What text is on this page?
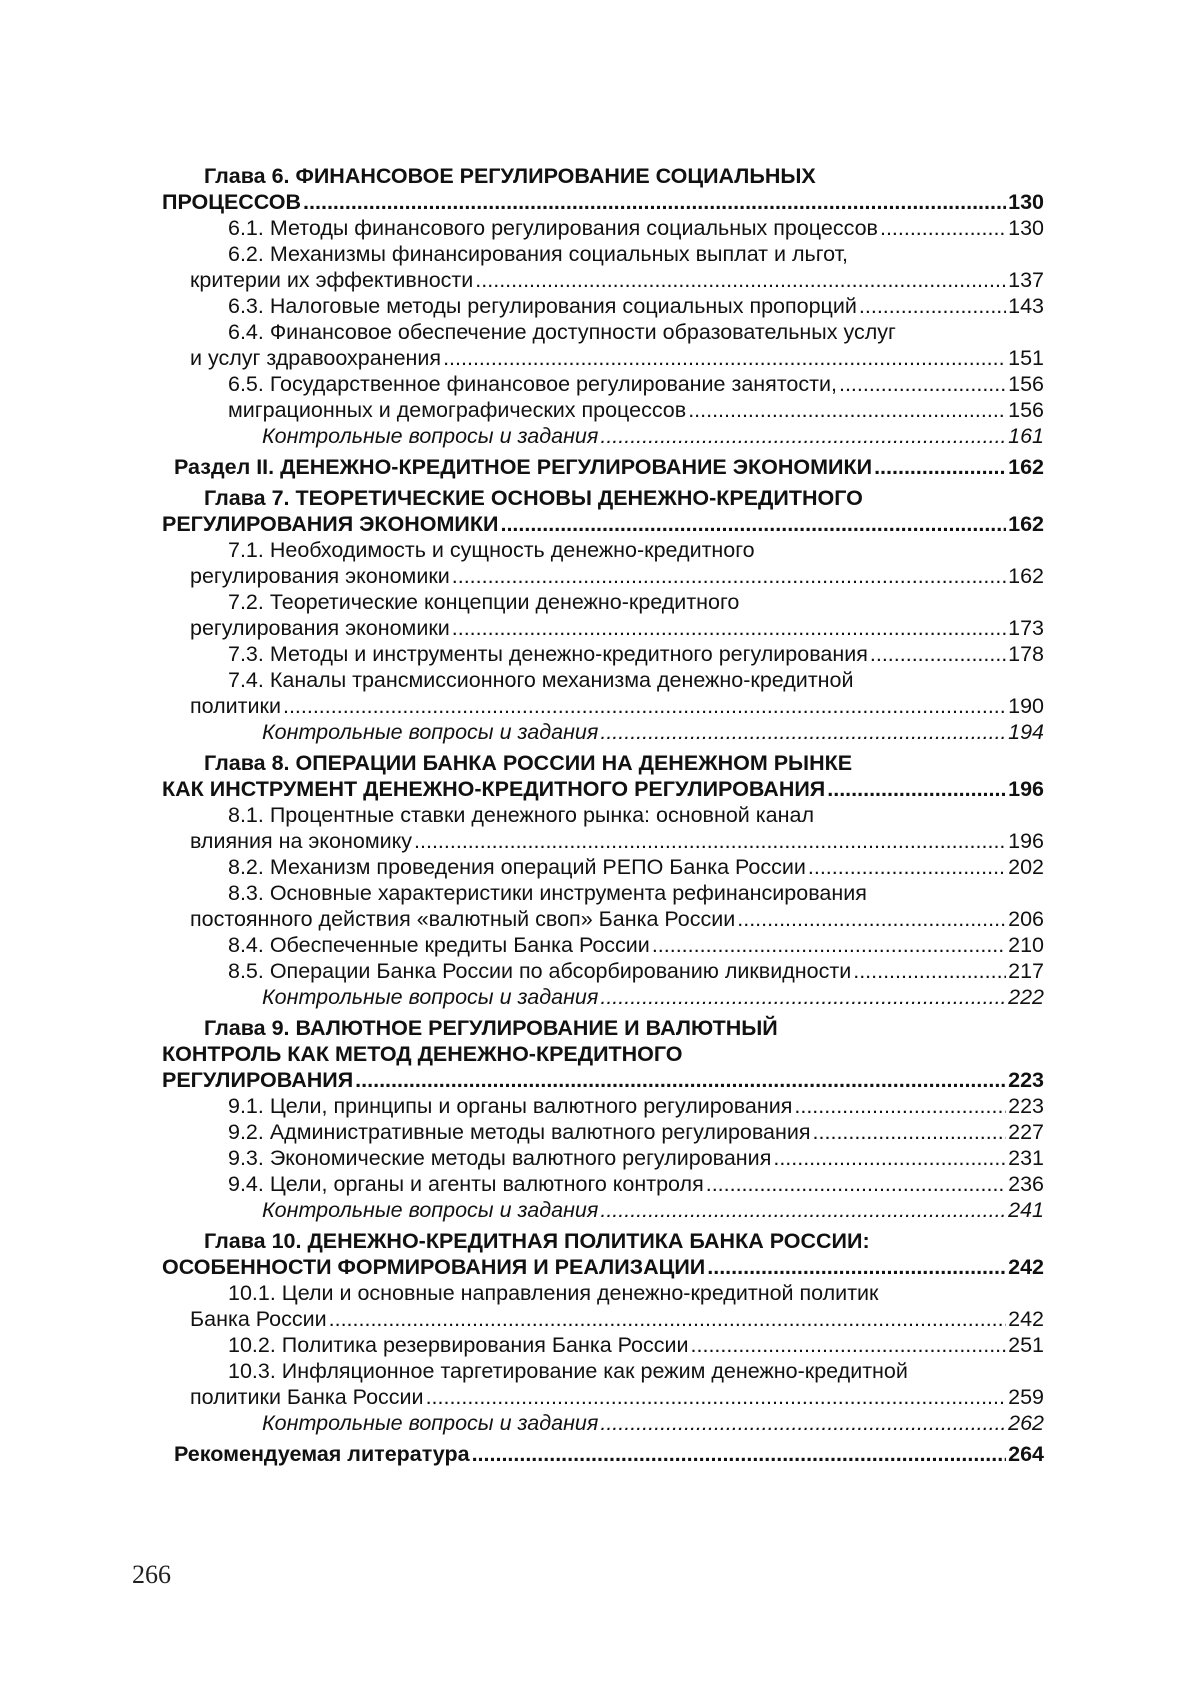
Глава 6. ФИНАНСОВОЕ РЕГУЛИРОВАНИЕ СОЦИАЛЬНЫХ
ПРОЦЕССОВ .....	130
6.1. Методы финансового регулирования социальных процессов .....	130
6.2. Механизмы финансирования социальных выплат и льгот,
критерии их эффективности .....	137
6.3. Налоговые методы регулирования социальных пропорций .....	143
6.4. Финансовое обеспечение доступности образовательных услуг
и услуг здравоохранения .....	151
6.5. Государственное финансовое регулирование занятости, .....	156
миграционных и демографических процессов .....	156
Контрольные вопросы и задания .....	161
Раздел II. ДЕНЕЖНО-КРЕДИТНОЕ РЕГУЛИРОВАНИЕ ЭКОНОМИКИ .....	162
Глава 7. ТЕОРЕТИЧЕСКИЕ ОСНОВЫ ДЕНЕЖНО-КРЕДИТНОГО
РЕГУЛИРОВАНИЯ ЭКОНОМИКИ .....	162
7.1. Необходимость и сущность денежно-кредитного
регулирования экономики .....	162
7.2. Теоретические концепции денежно-кредитного
регулирования экономики .....	173
7.3. Методы и инструменты денежно-кредитного регулирования .....	178
7.4. Каналы трансмиссионного механизма денежно-кредитной
политики .....	190
Контрольные вопросы и задания .....	194
Глава 8. ОПЕРАЦИИ БАНКА РОССИИ НА ДЕНЕЖНОМ РЫНКЕ
КАК ИНСТРУМЕНТ ДЕНЕЖНО-КРЕДИТНОГО РЕГУЛИРОВАНИЯ .....	196
8.1. Процентные ставки денежного рынка: основной канал
влияния на экономику .....	196
8.2. Механизм проведения операций РЕПО Банка России .....	202
8.3. Основные характеристики инструмента рефинансирования
постоянного действия «валютный своп» Банка России .....	206
8.4. Обеспеченные кредиты Банка России .....	210
8.5. Операции Банка России по абсорбированию ликвидности .....	217
Контрольные вопросы и задания .....	222
Глава 9. ВАЛЮТНОЕ РЕГУЛИРОВАНИЕ И ВАЛЮТНЫЙ
КОНТРОЛЬ КАК МЕТОД ДЕНЕЖНО-КРЕДИТНОГО
РЕГУЛИРОВАНИЯ .....	223
9.1. Цели, принципы и органы валютного регулирования .....	223
9.2. Административные методы валютного регулирования .....	227
9.3. Экономические методы валютного регулирования .....	231
9.4. Цели, органы и агенты валютного контроля .....	236
Контрольные вопросы и задания .....	241
Глава 10. ДЕНЕЖНО-КРЕДИТНАЯ ПОЛИТИКА БАНКА РОССИИ:
ОСОБЕННОСТИ ФОРМИРОВАНИЯ И РЕАЛИЗАЦИИ .....	242
10.1. Цели и основные направления денежно-кредитной политик
Банка России .....	242
10.2. Политика резервирования Банка России .....	251
10.3. Инфляционное таргетирование как режим денежно-кредитной
политики Банка России .....	259
Контрольные вопросы и задания .....	262
Рекомендуемая литература .....	264
266
